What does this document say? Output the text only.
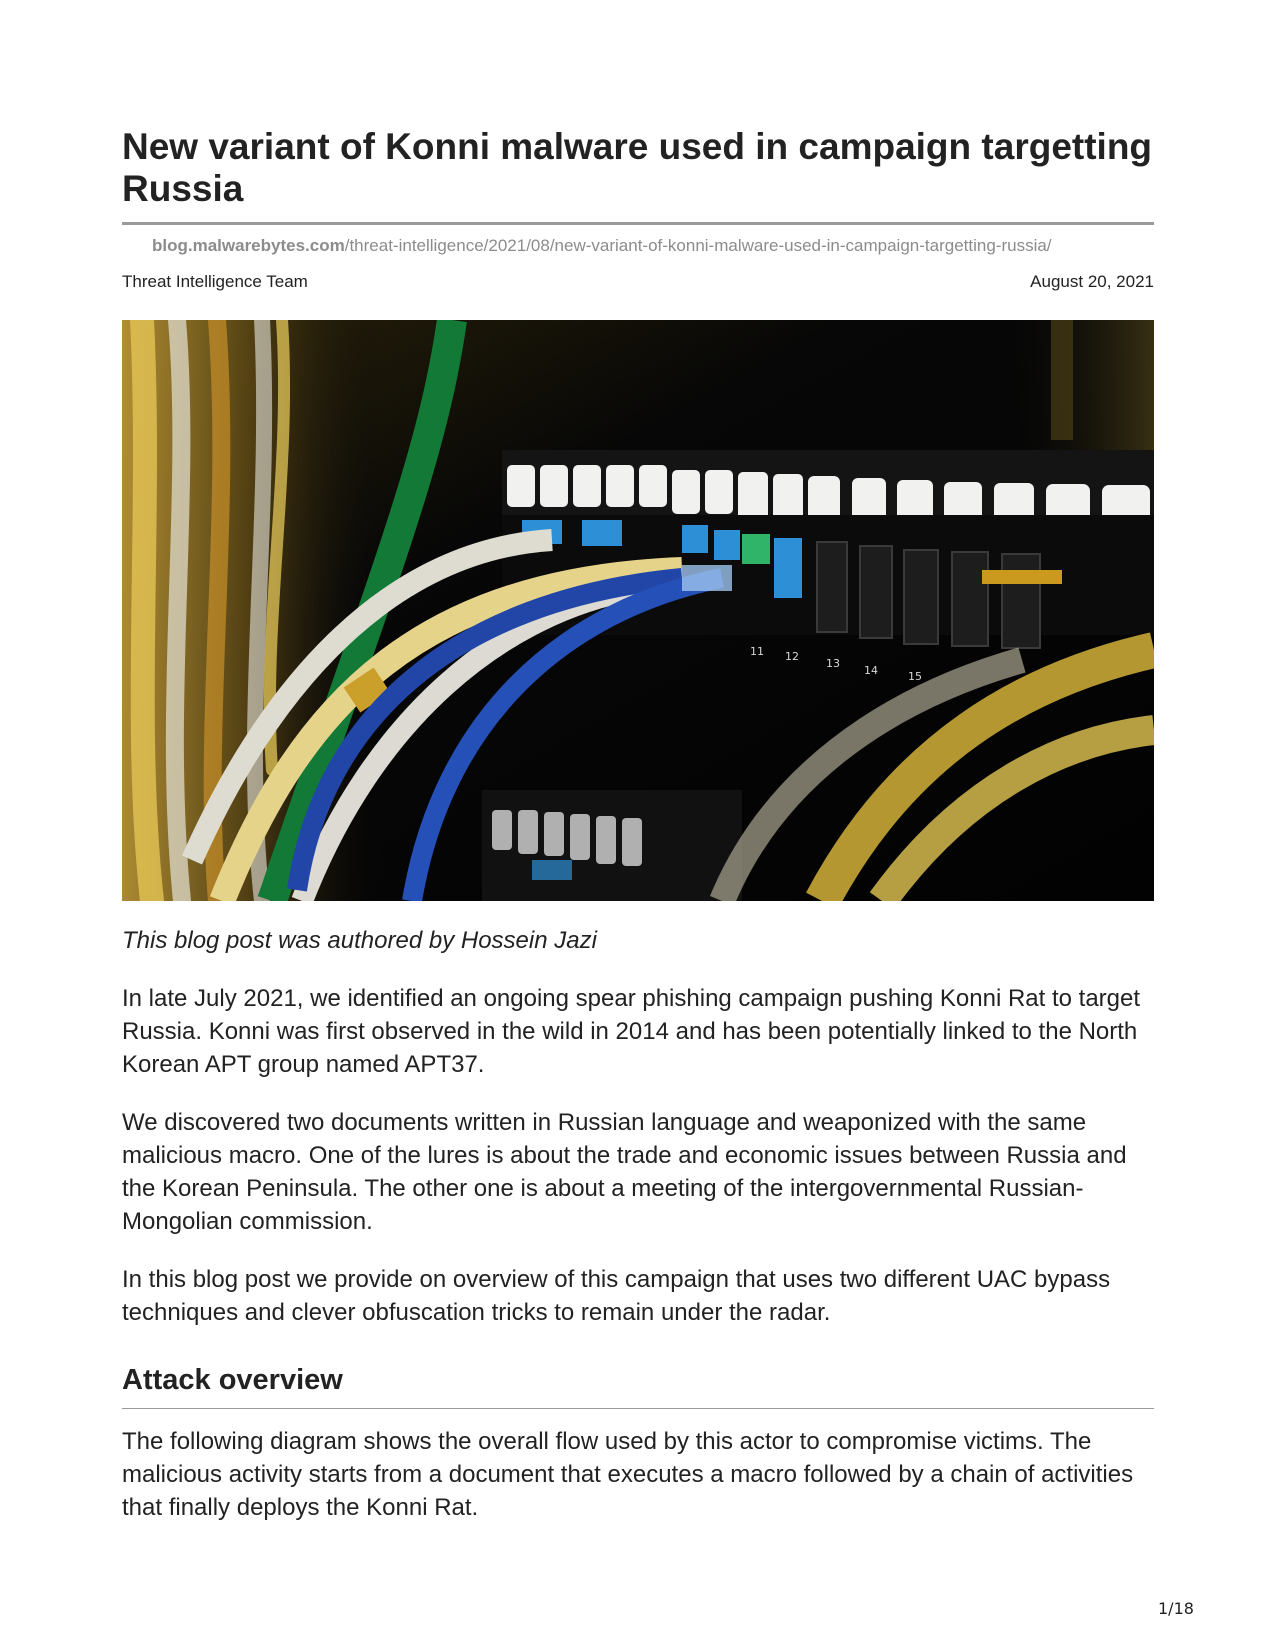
New variant of Konni malware used in campaign targetting Russia
blog.malwarebytes.com/threat-intelligence/2021/08/new-variant-of-konni-malware-used-in-campaign-targetting-russia/
Threat Intelligence Team	August 20, 2021
11 12
13
14	15
This blog post was authored by Hossein Jazi

In late July 2021, we identified an ongoing spear phishing campaign pushing Konni Rat to target Russia. Konni was first observed in the wild in 2014 and has been potentially linked to the North Korean APT group named APT37.

We discovered two documents written in Russian language and weaponized with the same malicious macro. One of the lures is about the trade and economic issues between Russia and the Korean Peninsula. The other one is about a meeting of the intergovernmental Russian-Mongolian commission.

In this blog post we provide on overview of this campaign that uses two different UAC bypass techniques and clever obfuscation tricks to remain under the radar.

Attack overview

The following diagram shows the overall flow used by this actor to compromise victims. The malicious activity starts from a document that executes a macro followed by a chain of activities that finally deploys the Konni Rat.

1/18
